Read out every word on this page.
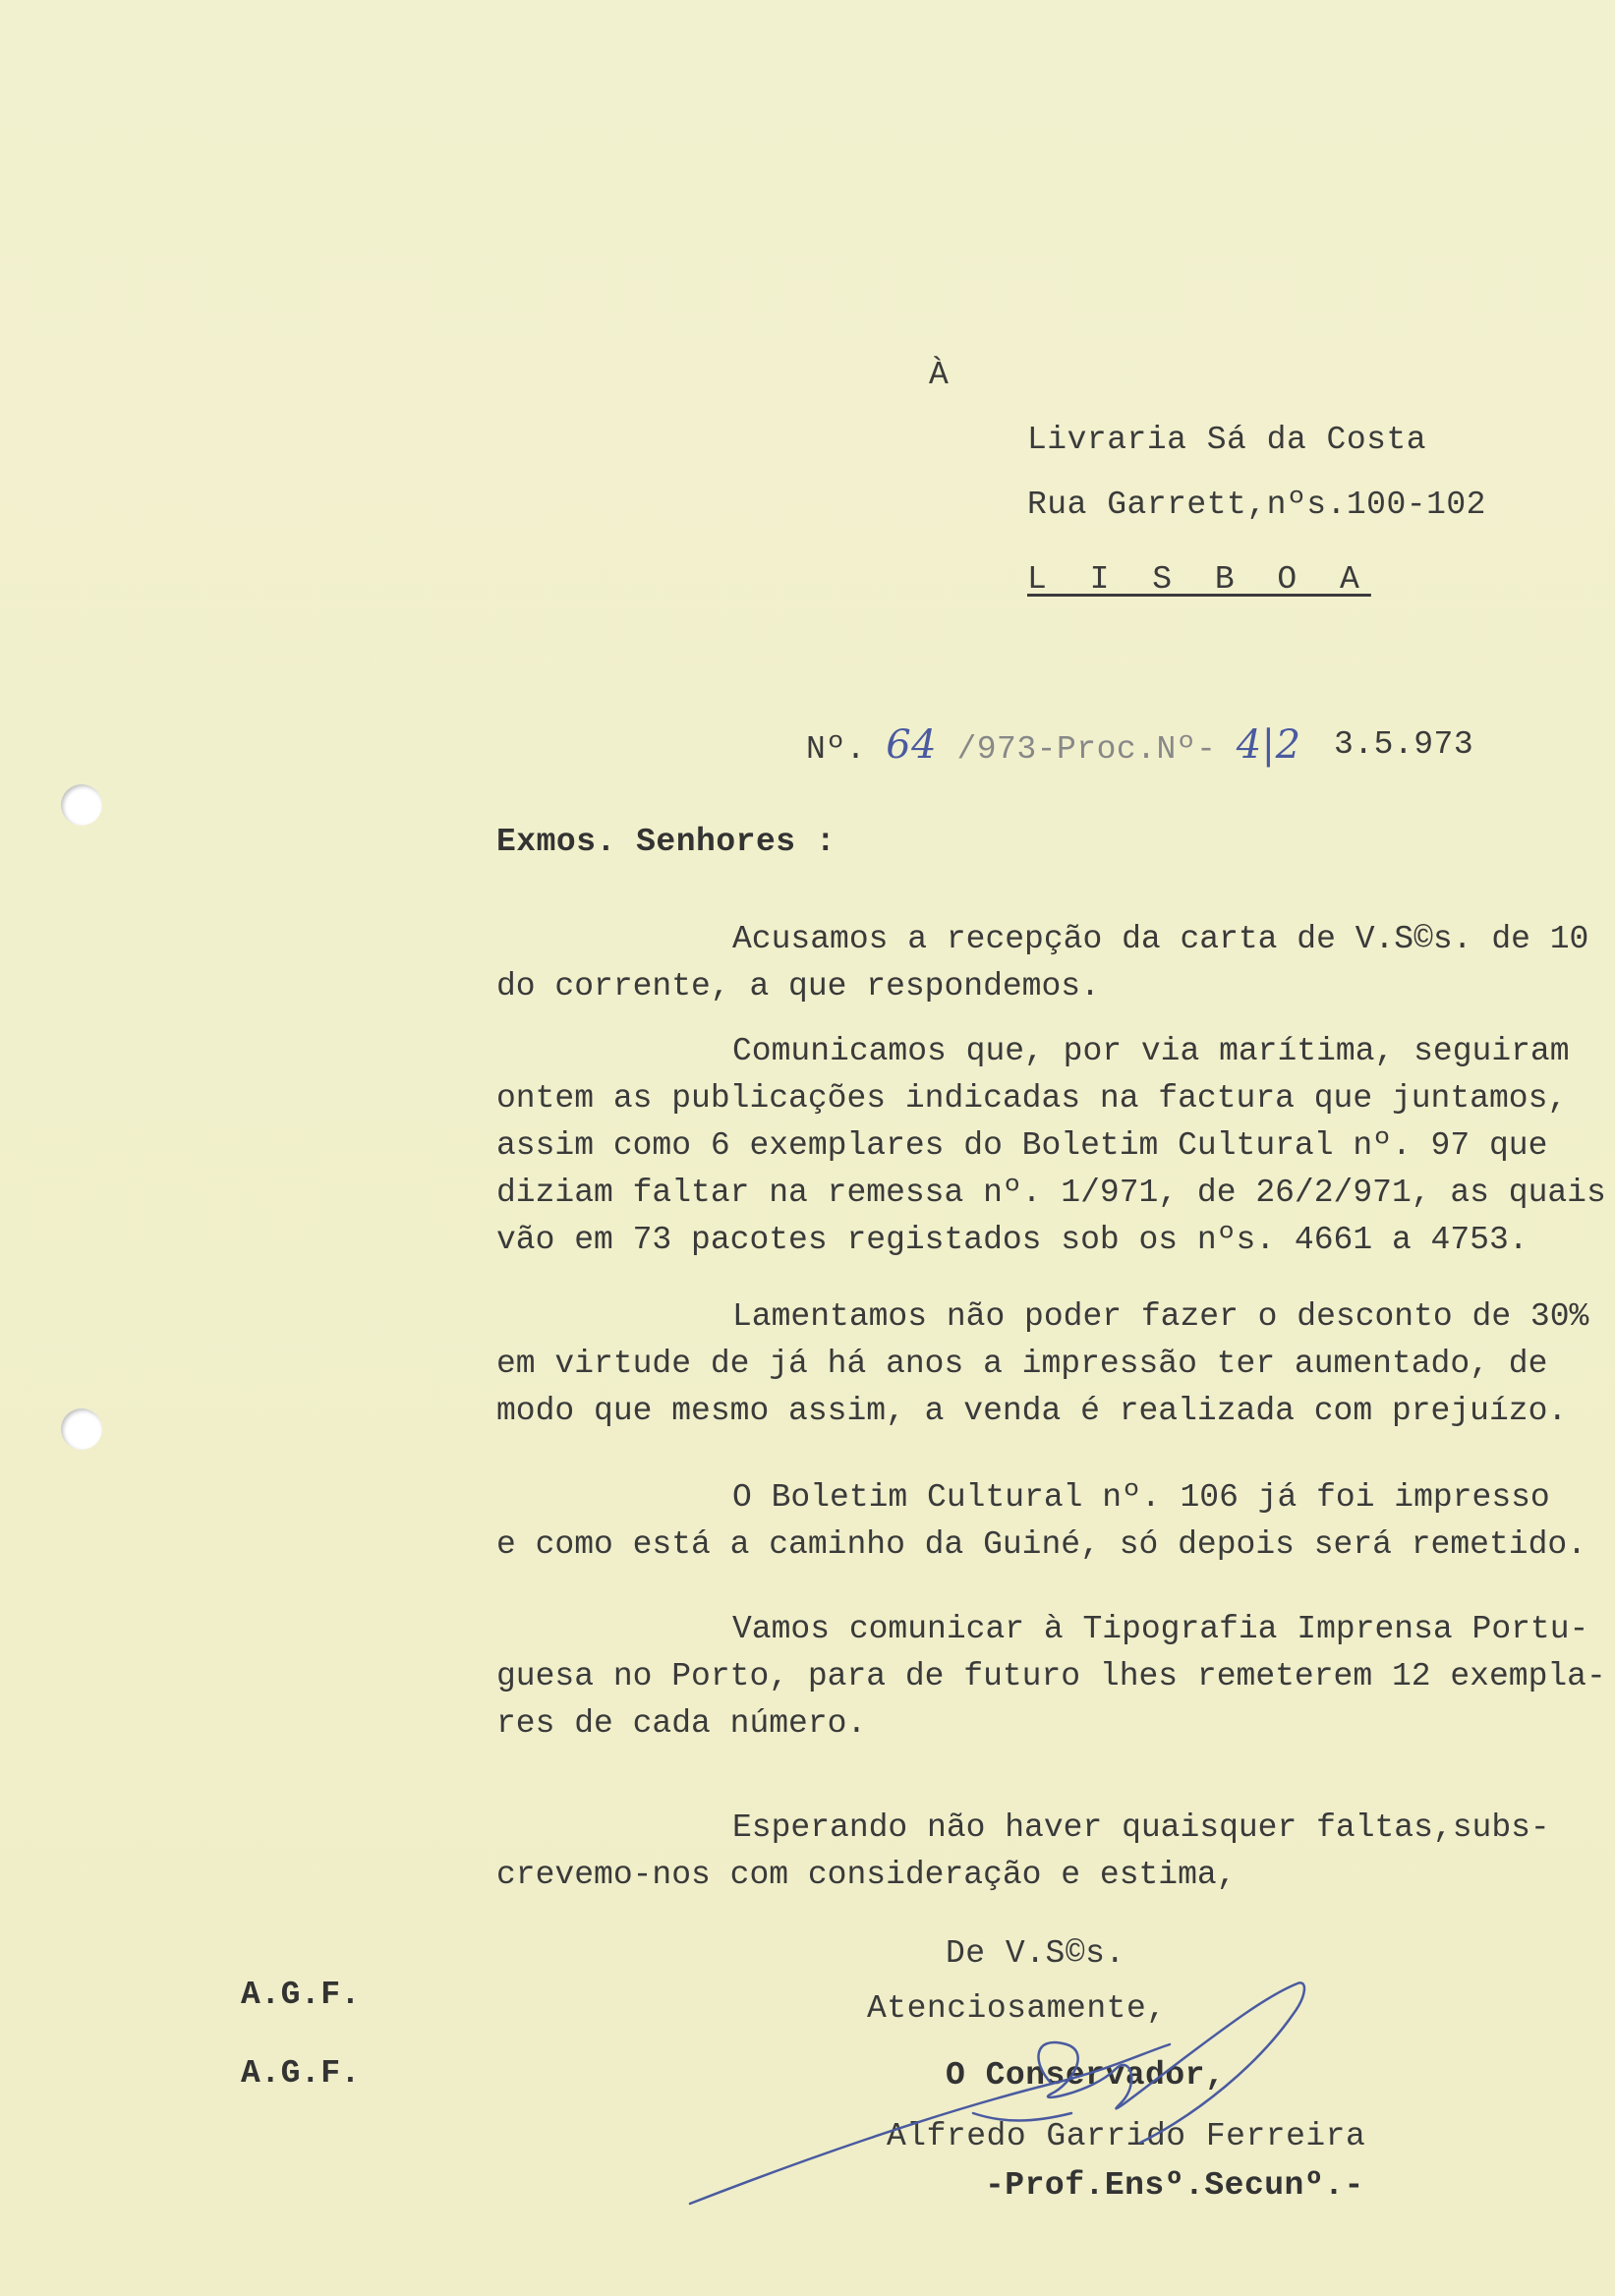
À
Livraria Sá da Costa
Rua Garrett,nºs.100-102
L I S B O A
Nº. 64 /973-Proc.Nº- 4|2 3.5.973
Exmos. Senhores :
Acusamos a recepção da carta de V.S©s. de 10
do corrente, a que respondemos.
Comunicamos que, por via marítima, seguiram
ontem as publicações indicadas na factura que juntamos,
assim como 6 exemplares do Boletim Cultural nº. 97 que
diziam faltar na remessa nº. 1/971, de 26/2/971, as quais
vão em 73 pacotes registados sob os nºs. 4661 a 4753.
Lamentamos não poder fazer o desconto de 30%
em virtude de já há anos a impressão ter aumentado, de
modo que mesmo assim, a venda é realizada com prejuízo.
O Boletim Cultural nº. 106 já foi impresso
e como está a caminho da Guiné, só depois será remetido.
Vamos comunicar à Tipografia Imprensa Portu-
guesa no Porto, para de futuro lhes remeterem 12 exempla-
res de cada número.
Esperando não haver quaisquer faltas,subs-
crevemo-nos com consideração e estima,
De V.S©s.
Atenciosamente,
O Conservador,
Alfredo Garrido Ferreira
-Prof.Ensº.Secunº.-
A.G.F.
A.G.F.
